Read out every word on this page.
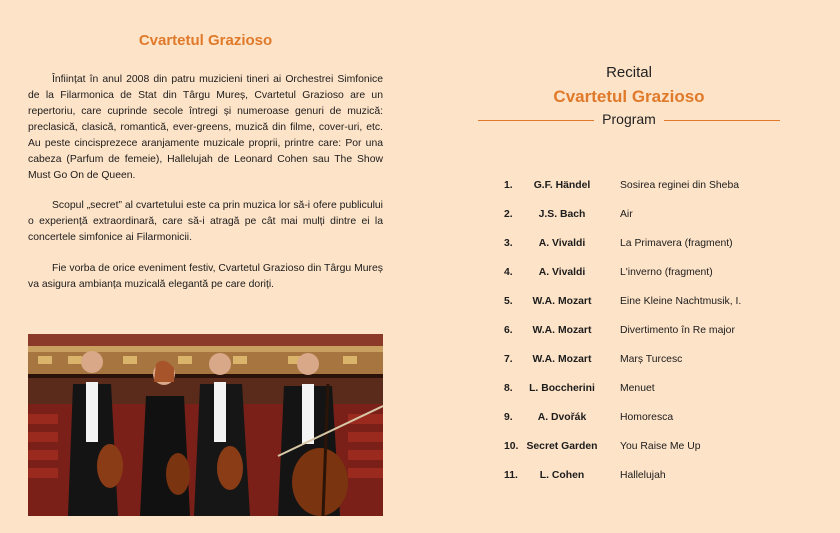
Cvartetul Grazioso

Înființat în anul 2008 din patru muzicieni tineri ai Orchestrei Simfonice de la Filarmonica de Stat din Târgu Mureș, Cvartetul Grazioso are un repertoriu, care cuprinde secole întregi și numeroase genuri de muzică: preclasică, clasică, romantică, ever-greens, muzică din filme, cover-uri, etc. Au peste cincisprezece aranjamente muzicale proprii, printre care: Por una cabeza (Parfum de femeie), Hallelujah de Leonard Cohen sau The Show Must Go On de Queen.

Scopul „secret” al cvartetului este ca prin muzica lor să-i ofere publicului o experiență extraordinară, care să-i atragă pe cât mai mulți dintre ei la concertele simfonice ai Filarmonicii.

Fie vorba de orice eveniment festiv, Cvartetul Grazioso din Târgu Mureș va asigura ambianța muzicală elegantă pe care doriți.

Recital
Cvartetul Grazioso
Program
1.	G.F. Händel	Sosirea reginei din Sheba
2.	J.S. Bach	Air
3.	A. Vivaldi	La Primavera (fragment)
4.	A. Vivaldi	L'inverno (fragment)
5.	W.A. Mozart	Eine Kleine Nachtmusik, I.
6.	W.A. Mozart	Divertimento în Re major
7.	W.A. Mozart	Marș Turcesc
8.	L. Boccherini	Menuet
9.	A. Dvořák	Homoresca
10. Secret Garden	You Raise Me Up
11.	L. Cohen	Hallelujah
